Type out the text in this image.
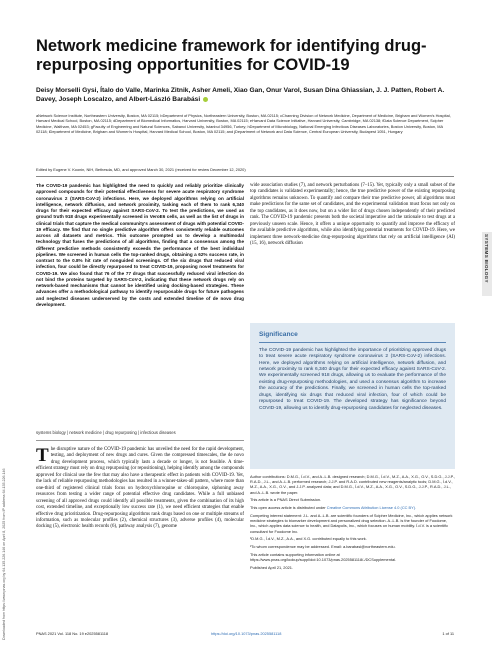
Downloaded from https://www.pnas.org by 64.135.226.146 on April 8, 2025 from IP address 64.135.226.146
SYSTEMS BIOLOGY
Network medicine framework for identifying drug-repurposing opportunities for COVID-19
Deisy Morselli Gysi, Ítalo do Valle, Marinka Zitnik, Asher Ameli, Xiao Gan, Onur Varol, Susan Dina Ghiassian, J. J. Patten, Robert A. Davey, Joseph Loscalzo, and Albert-László Barabási
aNetwork Science Institute, Northeastern University, Boston, MA 02115; bDepartment of Physics, Northeastern University, Boston, MA 02115; cChanning Division of Network Medicine, Department of Medicine, Brigham and Women's Hospital, Harvard Medical School, Boston, MA 02115; dDepartment of Biomedical Informatics, Harvard University, Boston, MA 02115; eHarvard Data Science Initiative, Harvard University, Cambridge, MA 02138; fData Science Department, Scipher Medicine, Waltham, MA 02453; gFaculty of Engineering and Natural Sciences, Sabanci University, Istanbul 34956, Turkey; hDepartment of Microbiology, National Emerging Infectious Diseases Laboratories, Boston University, Boston, MA 02118; iDepartment of Medicine, Brigham and Women's Hospital, Harvard Medical School, Boston, MA 02115; and jDepartment of Network and Data Science, Central European University, Budapest 1051, Hungary
Edited by Eugene V. Koonin, NIH, Bethesda, MD, and approved March 30, 2021 (received for review December 12, 2020)
The COVID-19 pandemic has highlighted the need to quickly and reliably prioritize clinically approved compounds for their potential effectiveness for severe acute respiratory syndrome coronavirus 2 (SARS-CoV-2) infections. Here, we deployed algorithms relying on artificial intelligence, network diffusion, and network proximity, tasking each of them to rank 6,340 drugs for their expected efficacy against SARS-CoV-2. To test the predictions, we used as ground truth 918 drugs experimentally screened in VeroE6 cells, as well as the list of drugs in clinical trials that capture the medical community's assessment of drugs with potential COVID-19 efficacy. We find that no single predictive algorithm offers consistently reliable outcomes across all datasets and metrics. This outcome prompted us to develop a multimodal technology that fuses the predictions of all algorithms, finding that a consensus among the different predictive methods consistently exceeds the performance of the best individual pipelines. We screened in human cells the top-ranked drugs, obtaining a 62% success rate, in contrast to the 0.8% hit rate of nonguided screenings. Of the six drugs that reduced viral infection, four could be directly repurposed to treat COVID-19, proposing novel treatments for COVID-19. We also found that 76 of the 77 drugs that successfully reduced viral infection do not bind the proteins targeted by SARS-CoV-2, indicating that these network drugs rely on network-based mechanisms that cannot be identified using docking-based strategies. These advances offer a methodological pathway to identify repurposable drugs for future pathogens and neglected diseases underserved by the costs and extended timeline of de novo drug development.
systems biology | network medicine | drug repurposing | infectious diseases
The disruptive nature of the COVID-19 pandemic has unveiled the need for the rapid development, testing, and deployment of new drugs and cures. Given the compressed timescales, the de novo drug development process, which typically lasts a decade or longer, is not feasible. A time-efficient strategy must rely on drug repurposing (or repositioning), helping identify among the compounds approved for clinical use the few that may also have a therapeutic effect in patients with COVID-19. Yet, the lack of reliable repurposing methodologies has resulted in a winner-takes-all pattern, where more than one-third of registered clinical trials focus on hydroxychloroquine or chloroquine, siphoning away resources from testing a wider range of potential effective drug candidates. While a full unbiased screening of all approved drugs could identify all possible treatments, given the combination of its high cost, extended timeline, and exceptionally low success rate (1), we need efficient strategies that enable effective drug prioritization. Drug-repurposing algorithms rank drugs based on one or multiple streams of information, such as molecular profiles (2), chemical structures (3), adverse profiles (4), molecular docking (5), electronic health records (6), pathway analysis (7), genome
wide association studies (7), and network perturbations (7–15). Yet, typically only a small subset of the top candidates is validated experimentally; hence, the true predictive power of the existing repurposing algorithms remains unknown. To quantify and compare their true predictive power, all algorithms must make predictions for the same set of candidates, and the experimental validation must focus not only on the top candidates, as it does now, but on a wider list of drugs chosen independently of their predicted rank. The COVID-19 pandemic presents both the societal imperative and the rationale to test drugs at a previously unseen scale. Hence, it offers a unique opportunity to quantify and improve the efficacy of the available predictive algorithms, while also identifying potential treatments for COVID-19. Here, we implement three network-medicine drug-repurposing algorithms that rely on artificial intelligence (AI) (15, 16), network diffusion
Significance
The COVID-19 pandemic has highlighted the importance of prioritizing approved drugs to treat severe acute respiratory syndrome coronavirus 2 (SARS-CoV-2) infections. Here, we deployed algorithms relying on artificial intelligence, network diffusion, and network proximity to rank 6,340 drugs for their expected efficacy against SARS-CoV-2. We experimentally screened 918 drugs, allowing us to evaluate the performance of the existing drug-repurposing methodologies, and used a consensus algorithm to increase the accuracy of the predictions. Finally, we screened in human cells the top-ranked drugs, identifying six drugs that reduced viral infection, four of which could be repurposed to treat COVID-19. The developed strategy has significance beyond COVID-19, allowing us to identify drug-repurposing candidates for neglected diseases.

Author contributions: D.M.G., Í.d.V., and A.-L.B. designed research; D.M.G., Í.d.V., M.Z., A.A., X.G., O.V., S.D.G., J.J.P., R.A.D., J.L., and A.-L.B. performed research; J.J.P. and R.A.D. contributed new reagents/analytic tools; D.M.G., Í.d.V., M.Z., A.A., X.G., O.V., and J.J.P. analyzed data; and D.M.G., Í.d.V., M.Z., A.A., X.G., O.V., S.D.G., J.J.P., R.A.D., J.L., and A.-L.B. wrote the paper.

This article is a PNAS Direct Submission.

This open access article is distributed under Creative Commons Attribution License 4.0 (CC BY).

Competing interest statement: J.L. and A.-L.B. are scientific founders of Scipher Medicine, Inc., which applies network medicine strategies to biomarker development and personalized drug selection. A.-L.B. is the founder of Foodome, Inc., which applies data science to health, and Datapolis, Inc., which focuses on human mobility. Í.d.V. is a scientific consultant for Foodome Inc.

¹D.M.G., Í.d.V., M.Z., A.A., and X.G. contributed equally to this work.

²To whom correspondence may be addressed. Email: a.barabasi@northeastern.edu.

This article contains supporting information online at https://www.pnas.org/lookup/suppl/doi:10.1073/pnas.2025581118/-/DCSupplemental.

Published April 21, 2021.

PNAS 2021 Vol. 118 No. 19 e2025581118	https://doi.org/10.1073/pnas.2025581118	1 of 11
